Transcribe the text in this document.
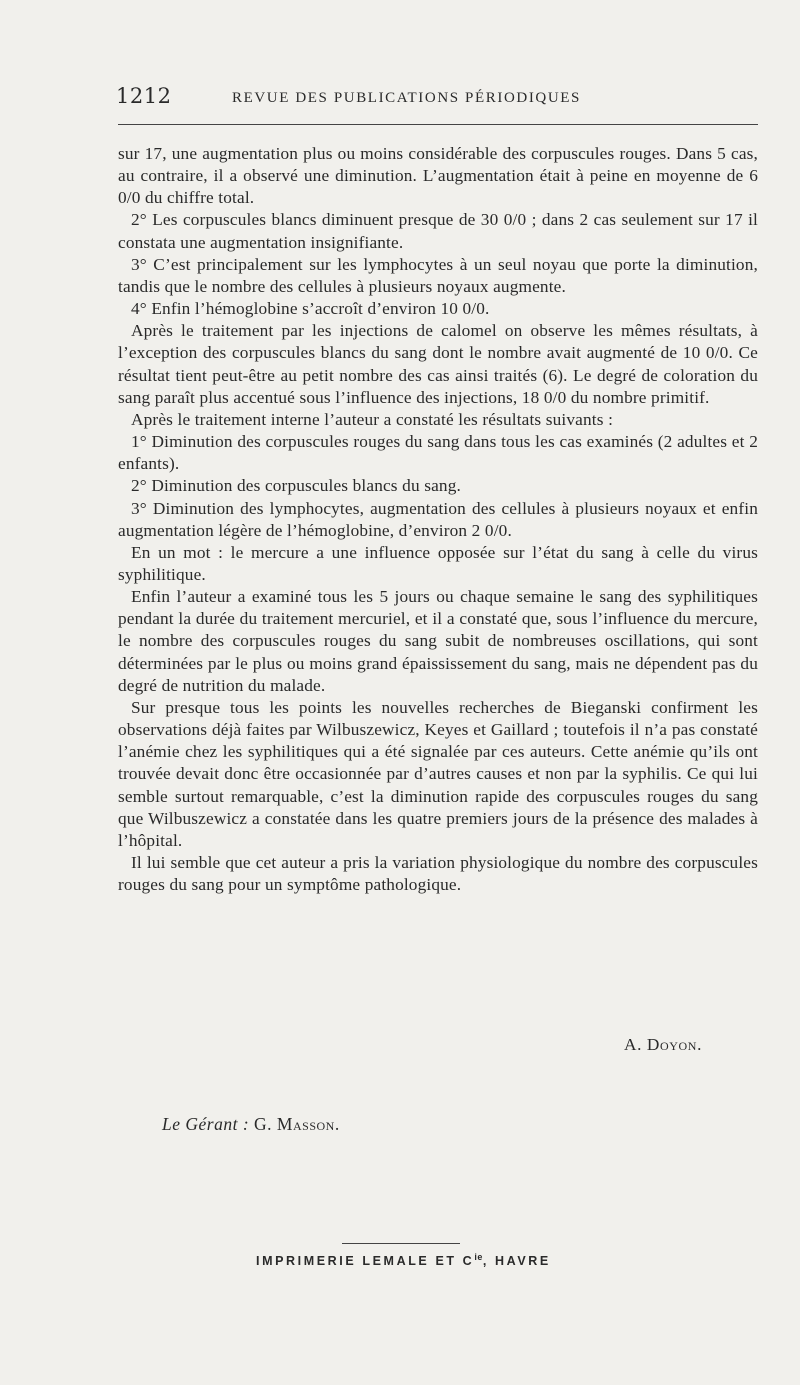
1212	REVUE DES PUBLICATIONS PÉRIODIQUES

sur 17, une augmentation plus ou moins considérable des corpuscules rouges. Dans 5 cas, au contraire, il a observé une diminution. L’augmentation était à peine en moyenne de 6 0/0 du chiffre total.

2° Les corpuscules blancs diminuent presque de 30 0/0 ; dans 2 cas seulement sur 17 il constata une augmentation insignifiante.

3° C’est principalement sur les lymphocytes à un seul noyau que porte la diminution, tandis que le nombre des cellules à plusieurs noyaux augmente.

4° Enfin l’hémoglobine s’accroît d’environ 10 0/0.

Après le traitement par les injections de calomel on observe les mêmes résultats, à l’exception des corpuscules blancs du sang dont le nombre avait augmenté de 10 0/0. Ce résultat tient peut-être au petit nombre des cas ainsi traités (6). Le degré de coloration du sang paraît plus accentué sous l’influence des injections, 18 0/0 du nombre primitif.

Après le traitement interne l’auteur a constaté les résultats suivants :

1° Diminution des corpuscules rouges du sang dans tous les cas examinés (2 adultes et 2 enfants).

2° Diminution des corpuscules blancs du sang.

3° Diminution des lymphocytes, augmentation des cellules à plusieurs noyaux et enfin augmentation légère de l’hémoglobine, d’environ 2 0/0.

En un mot : le mercure a une influence opposée sur l’état du sang à celle du virus syphilitique.

Enfin l’auteur a examiné tous les 5 jours ou chaque semaine le sang des syphilitiques pendant la durée du traitement mercuriel, et il a constaté que, sous l’influence du mercure, le nombre des corpuscules rouges du sang subit de nombreuses oscillations, qui sont déterminées par le plus ou moins grand épaississement du sang, mais ne dépendent pas du degré de nutrition du malade.

Sur presque tous les points les nouvelles recherches de Bieganski confirment les observations déjà faites par Wilbuszewicz, Keyes et Gaillard ; toutefois il n’a pas constaté l’anémie chez les syphilitiques qui a été signalée par ces auteurs. Cette anémie qu’ils ont trouvée devait donc être occasionnée par d’autres causes et non par la syphilis. Ce qui lui semble surtout remarquable, c’est la diminution rapide des corpuscules rouges du sang que Wilbuszewicz a constatée dans les quatre premiers jours de la présence des malades à l’hôpital.

Il lui semble que cet auteur a pris la variation physiologique du nombre des corpuscules rouges du sang pour un symptôme pathologique.

A. Doyon.
Le Gérant : G. Masson.
IMPRIMERIE LEMALE ET $C^{ie}$, HAVRE
